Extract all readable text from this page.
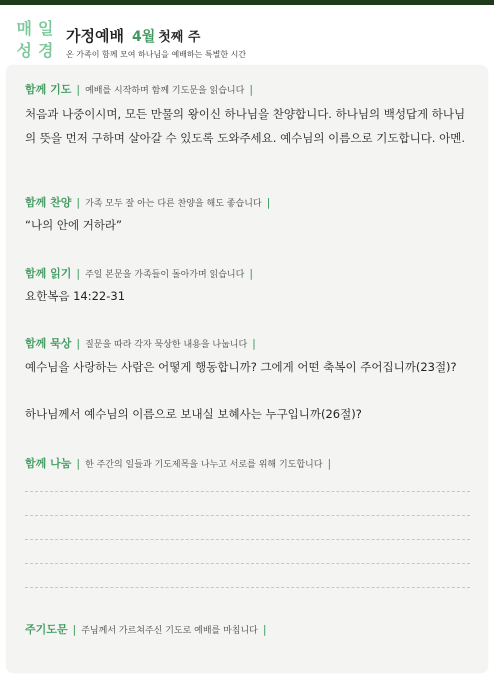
매 일
성 경
가정예배 4월 첫째 주
온 가족이 함께 모여 하나님을 예배하는 특별한 시간
함께 기도 | 예배를 시작하며 함께 기도문을 읽습니다 |
처음과 나중이시며, 모든 만물의 왕이신 하나님을 찬양합니다. 하나님의 백성답게 하나님의 뜻을 먼저 구하며 살아갈 수 있도록 도와주세요. 예수님의 이름으로 기도합니다. 아멘.
함께 찬양 | 가족 모두 잘 아는 다른 찬양을 해도 좋습니다 |
“나의 안에 거하라”
함께 읽기 | 주일 본문을 가족들이 돌아가며 읽습니다 |
요한복음 14:22-31
함께 묵상 | 질문을 따라 각자 묵상한 내용을 나눕니다 |
예수님을 사랑하는 사람은 어떻게 행동합니까? 그에게 어떤 축복이 주어집니까(23절)?
하나님께서 예수님의 이름으로 보내실 보혜사는 누구입니까(26절)?
함께 나눔 | 한 주간의 일들과 기도제목을 나누고 서로를 위해 기도합니다 |
주기도문 | 주님께서 가르쳐주신 기도로 예배를 마칩니다 |
